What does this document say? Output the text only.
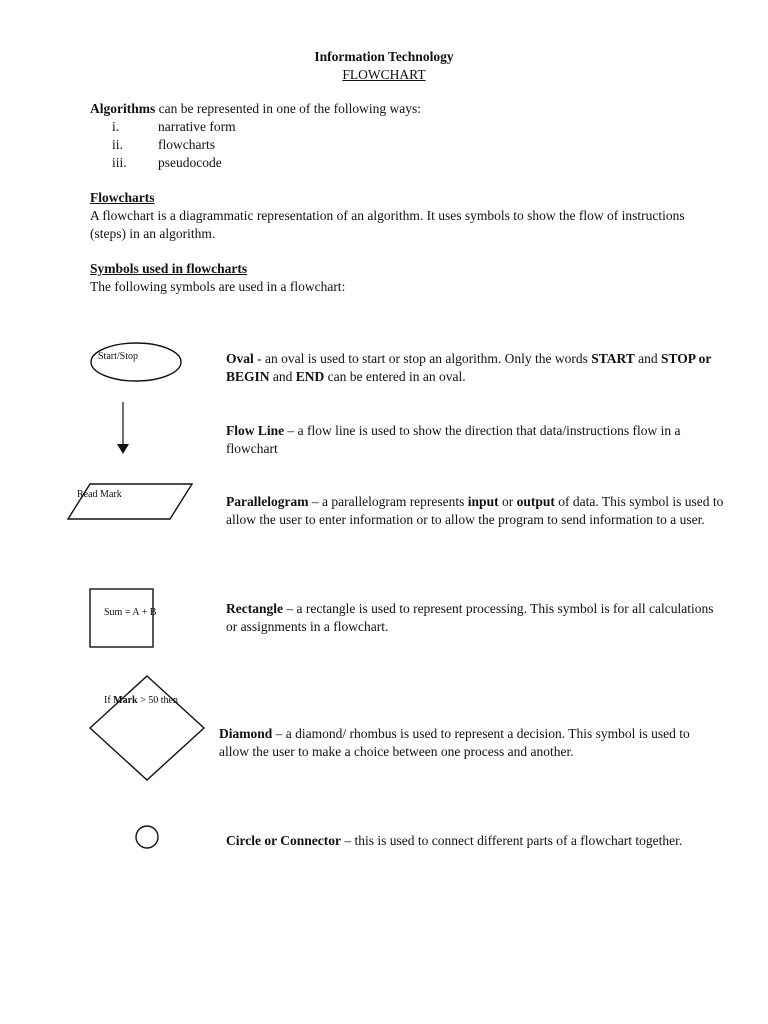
Information Technology
FLOWCHART
Algorithms can be represented in one of the following ways:
i.	narrative form
ii.	flowcharts
iii.	pseudocode
Flowcharts
A flowchart is a diagrammatic representation of an algorithm. It uses symbols to show the flow of instructions (steps) in an algorithm.
Symbols used in flowcharts
The following symbols are used in a flowchart:
Start/Stop
Read Mark
Sum = A + B
If Mark > 50 then
Oval - an oval is used to start or stop an algorithm. Only the words START and STOP or BEGIN and END can be entered in an oval.
Flow Line – a flow line is used to show the direction that data/instructions flow in a flowchart
Parallelogram – a parallelogram represents input or output of data. This symbol is used to allow the user to enter information or to allow the program to send information to a user.
Rectangle – a rectangle is used to represent processing. This symbol is for all calculations or assignments in a flowchart.
Diamond – a diamond/ rhombus is used to represent a decision. This symbol is used to allow the user to make a choice between one process and another.
Circle or Connector – this is used to connect different parts of a flowchart together.
